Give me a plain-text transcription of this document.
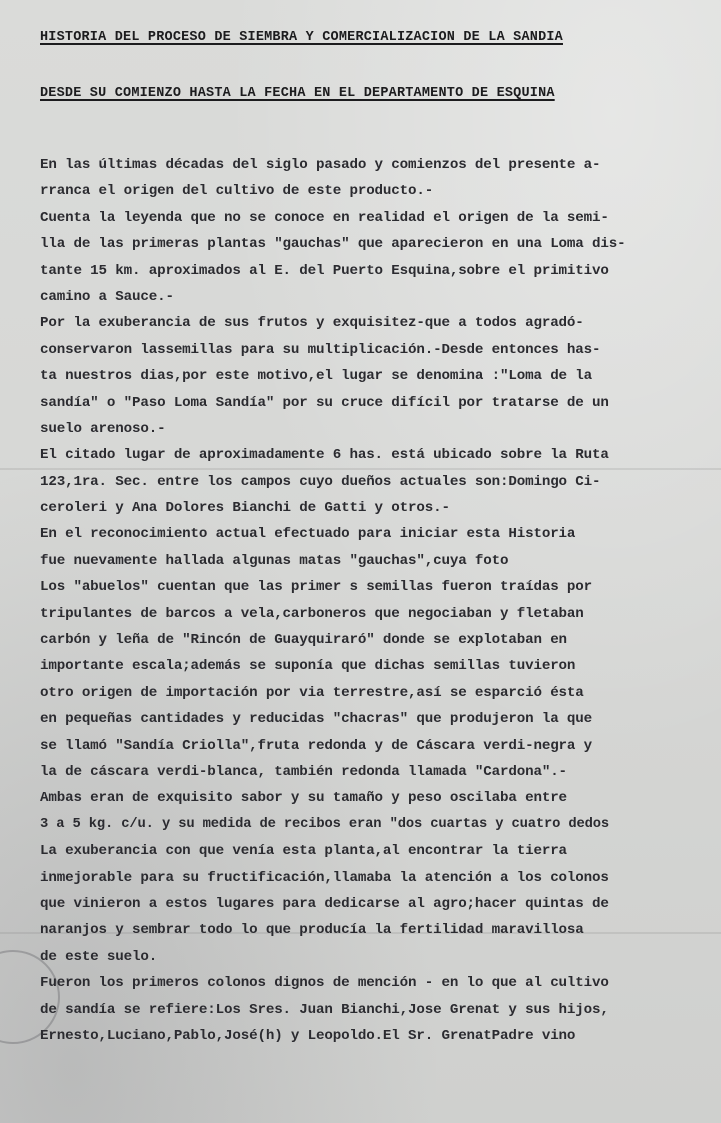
HISTORIA DEL PROCESO DE SIEMBRA Y COMERCIALIZACION DE LA SANDIA
DESDE SU COMIENZO HASTA LA FECHA EN EL DEPARTAMENTO DE ESQUINA
En las últimas décadas del siglo pasado y comienzos del presente a-
rranca el origen del cultivo de este producto.-
Cuenta la leyenda que no se conoce en realidad el origen de la semi-
lla de las primeras plantas "gauchas" que aparecieron en una Loma dis-
tante 15 km. aproximados al E. del Puerto Esquina,sobre el primitivo
camino a Sauce.-
Por la exuberancia de sus frutos y exquisitez-que a todos agradó-
conservaron lassemillas para su multiplicación.-Desde entonces has-
ta nuestros dias,por este motivo,el lugar se denomina :"Loma de la
sandía" o "Paso Loma Sandía" por su cruce difícil por tratarse de un
suelo arenoso.-
El citado lugar de aproximadamente 6 has. está ubicado sobre la Ruta
123,1ra. Sec. entre los campos cuyo dueños actuales son:Domingo Ci-
ceroleri y Ana Dolores Bianchi de Gatti y otros.-
En el reconocimiento actual efectuado para iniciar esta Historia
fue nuevamente hallada algunas matas "gauchas",cuya foto
Los "abuelos" cuentan que las primer s semillas fueron traídas por
tripulantes de barcos a vela,carboneros que negociaban y fletaban
carbón y leña de "Rincón de Guayquiraró" donde se explotaban en
importante escala;además se suponía que dichas semillas tuvieron
otro origen de importación por via terrestre,así se esparció ésta
en pequeñas cantidades y reducidas "chacras" que produjeron la que
se llamó "Sandía Criolla",fruta redonda y de Cáscara verdi-negra y
la de cáscara verdi-blanca, también redonda llamada "Cardona".-
Ambas eran de exquisito sabor y su tamaño y peso oscilaba entre
3 a 5 kg. c/u. y su medida de recibos eran "dos cuartas y cuatro dedos
La exuberancia con que venía esta planta,al encontrar la tierra
inmejorable para su fructificación,llamaba la atención a los colonos
que vinieron a estos lugares para dedicarse al agro;hacer quintas de
naranjos y sembrar todo lo que producía la fertilidad maravillosa
de este suelo.
Fueron los primeros colonos dignos de mención - en lo que al cultivo
de sandía se refiere:Los Sres. Juan Bianchi,Jose Grenat y sus hijos,
Ernesto,Luciano,Pablo,José(h) y Leopoldo.El Sr. GrenatPadre vino
